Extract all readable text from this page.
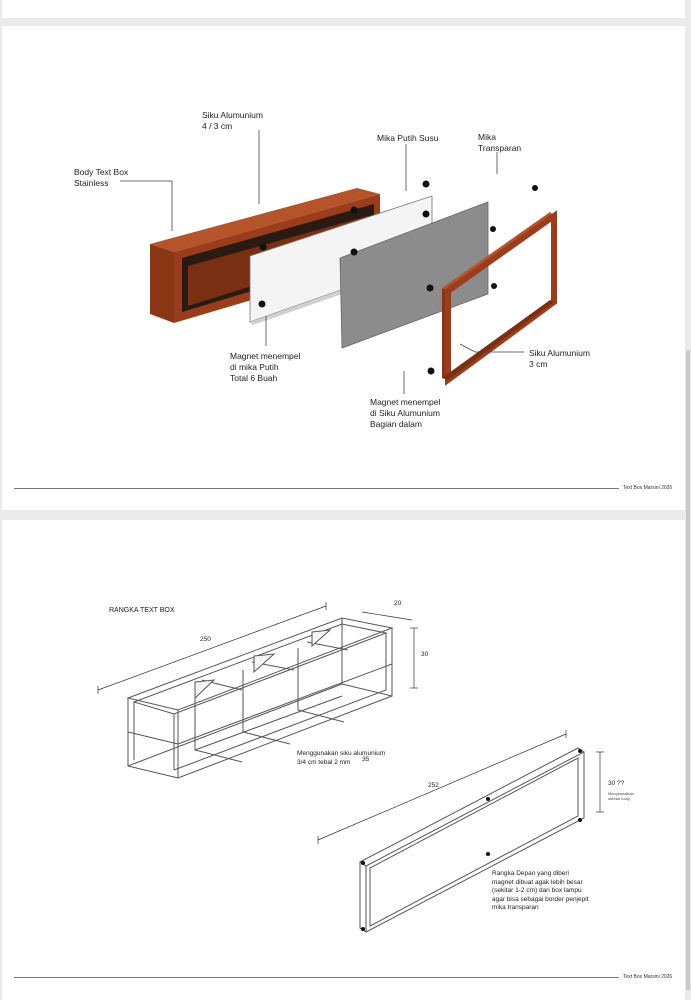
Siku Alumunium
4 / 3 cm
Mika Putih Susu	Mika
Transparan
Body Text Box
Stainless
Magnet menempel
di mika Putih
Total 6 Buah
Siku Alumunium
3 cm
Magnet menempel
di Siku Alumunium
Bagian dalam
Text Box Marsini 2026
RANGKA TEXT BOX
20
250
30
Menggunakan siku alumunium
3/4 cm tebal 2 mm	35
252	30 ??
Menyesuaikan
ukuran body
Rangka Depan yang diberi
magnet dibuat agak lebih besar
(sekitar 1-2 cm) dari box lampu
agar bisa sebagai border penjepit
mika transparan
Text Box Marsini 2026
